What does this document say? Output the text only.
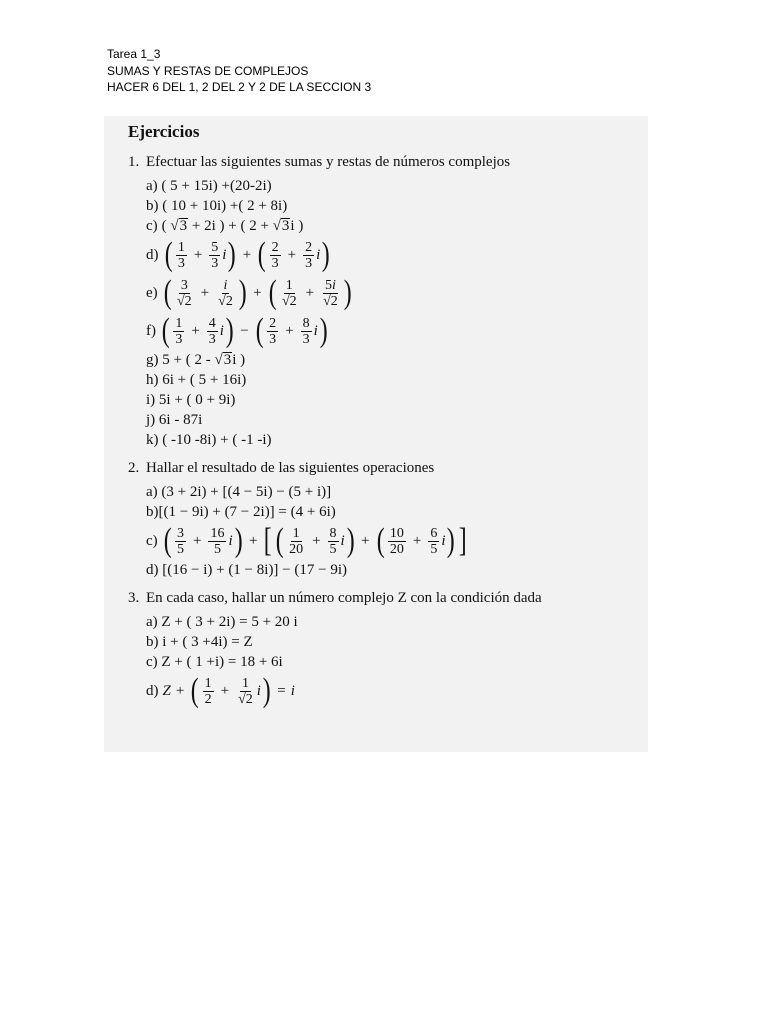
Tarea 1_3
SUMAS Y RESTAS DE COMPLEJOS
HACER 6 DEL 1, 2 DEL 2 Y 2 DE LA SECCION 3
Ejercicios
1. Efectuar las siguientes sumas y restas de números complejos
a) ( 5 + 15i) +(20-2i)
b) ( 10 + 10i) +( 2 + 8i)
c) ( √ 3 + 2i ) + ( 2 + √ 3 i )
d) ( $\frac{1}{3} + \frac{5}{3}$ i ) + ( $\frac{2}{3} + \frac{2}{3}$ i )
e) ( $\frac{3}{√2} + \frac{i}{√2}$ ) + ( $\frac{1}{√2} + \frac{5i}{√2}$ )
f) ( $\frac{1}{3} + \frac{4}{3}$ i ) − ( $\frac{2}{3} + \frac{8}{3}$ i )
g) 5 + ( 2 -
√ 3 i )
h) 6i + ( 5 + 16i)
i) 5i + ( 0 + 9i)
j) 6i - 87i
k) ( -10 -8i) + ( -1 -i)
2. Hallar el resultado de las siguientes operaciones
a) (3 + 2i) + [(4 − 5i) − (5 + i)]
b)[(1 − 9i) + (7 − 2i)] = (4 + 6i)
c) ( $\frac{3}{5} + \frac{16}{5}$ i ) + [ ( $\frac{1}{20} + \frac{8}{5}$ i ) + ( $\frac{10}{20} + \frac{6}{5}$ i ) ]
d) [(16 − i) + (1 − 8i)] − (17 − 9i)
3. En cada caso, hallar un número complejo Z con la condición dada
a) Z + ( 3 + 2i) = 5 + 20 i
b) i + ( 3 +4i) = Z
c) Z + ( 1 +i) = 18 + 6i
d) Z + ( $\frac{1}{2} + \frac{1}{√2}$ i ) = i
